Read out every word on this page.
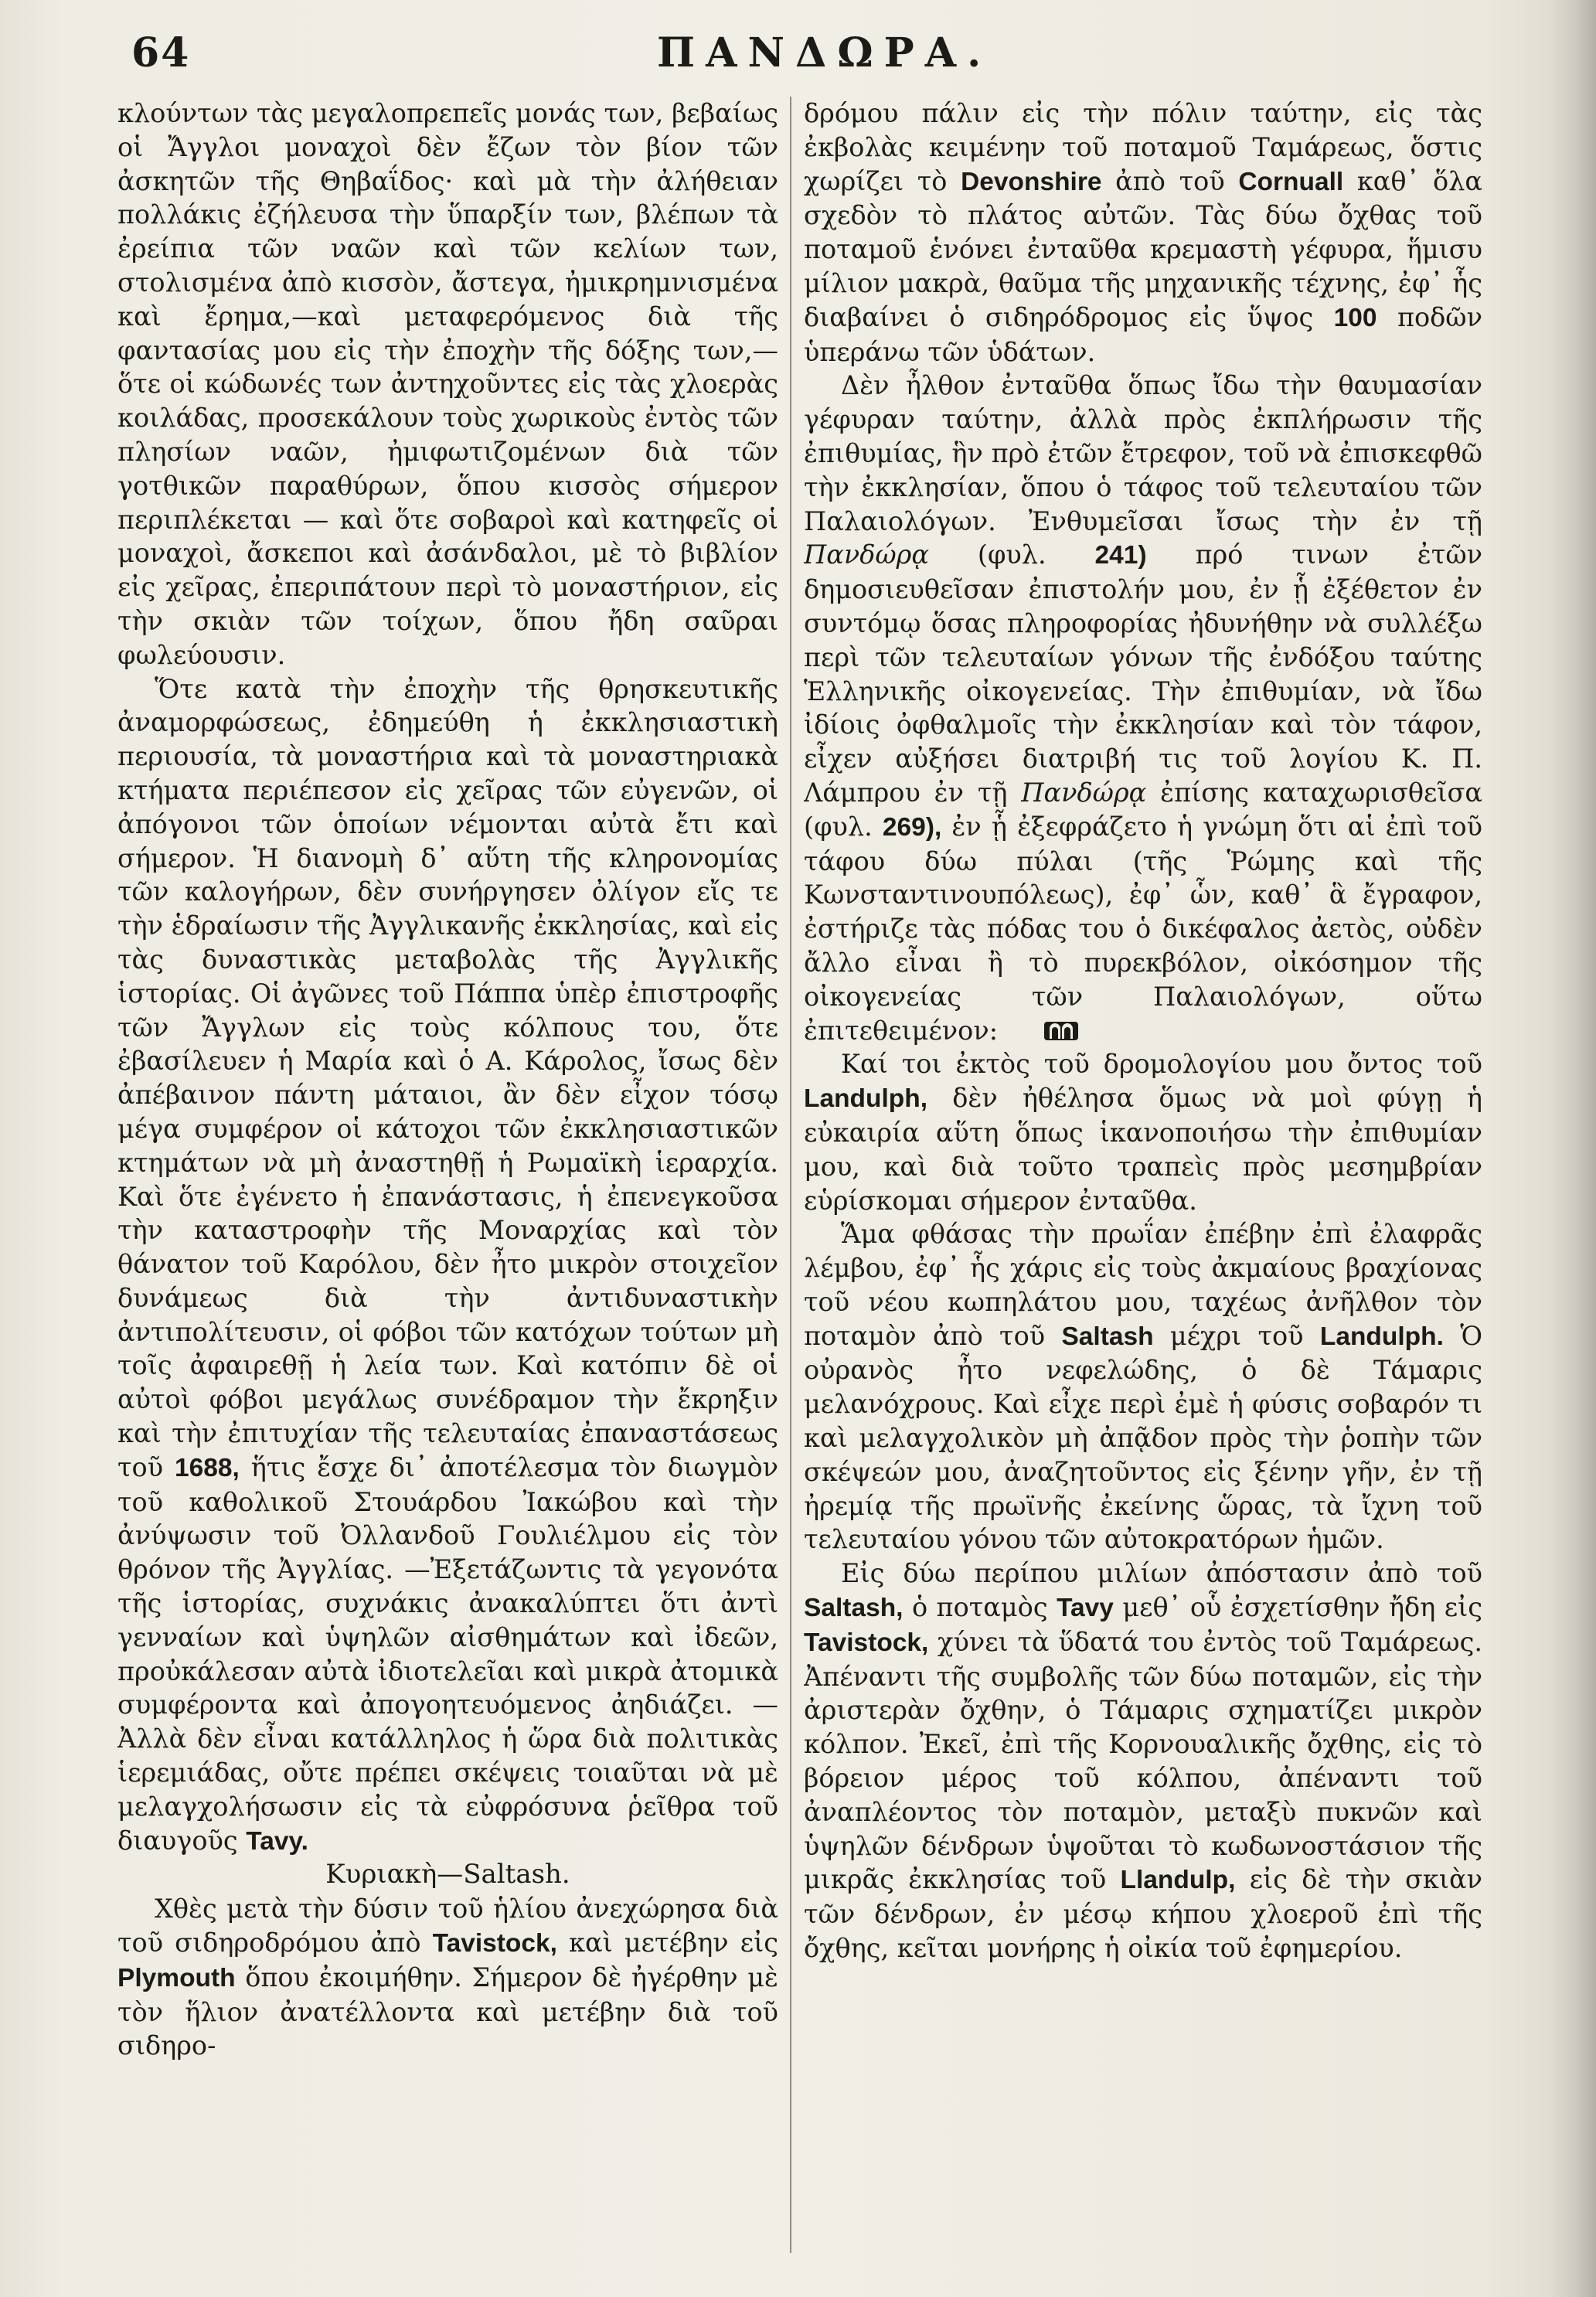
64	ΠΑΝΔΩΡΑ.

κλούντων τὰς μεγαλοπρεπεῖς μονάς των, βεβαίως οἱ Ἄγγλοι μοναχοὶ δὲν ἔζων τὸν βίον τῶν ἀσκητῶν τῆς Θηβαΐδος· καὶ μὰ τὴν ἀλήθειαν πολλάκις ἐζήλευσα τὴν ὕπαρξίν των, βλέπων τὰ ἐρείπια τῶν ναῶν καὶ τῶν κελίων των, στολισμένα ἀπὸ κισσὸν, ἄστεγα, ἠμικρημνισμένα καὶ ἔρημα,—καὶ μεταφερόμενος διὰ τῆς φαντασίας μου εἰς τὴν ἐποχὴν τῆς δόξης των,—ὅτε οἱ κώδωνές των ἀντηχοῦντες εἰς τὰς χλοερὰς κοιλάδας, προσεκάλουν τοὺς χωρικοὺς ἐντὸς τῶν πλησίων ναῶν, ἠμιφωτιζομένων διὰ τῶν γοτθικῶν παραθύρων, ὅπου κισσὸς σήμερον περιπλέκεται — καὶ ὅτε σοβαροὶ καὶ κατηφεῖς οἱ μοναχοὶ, ἄσκεποι καὶ ἀσάνδαλοι, μὲ τὸ βιβλίον εἰς χεῖρας, ἐπεριπάτουν περὶ τὸ μοναστήριον, εἰς τὴν σκιὰν τῶν τοίχων, ὅπου ἤδη σαῦραι φωλεύουσιν.

Ὅτε κατὰ τὴν ἐποχὴν τῆς θρησκευτικῆς ἀναμορφώσεως, ἐδημεύθη ἡ ἐκκλησιαστικὴ περιουσία, τὰ μοναστήρια καὶ τὰ μοναστηριακὰ κτήματα περιέπεσον εἰς χεῖρας τῶν εὐγενῶν, οἱ ἀπόγονοι τῶν ὁποίων νέμονται αὐτὰ ἔτι καὶ σήμερον. Ἡ διανομὴ δ᾽ αὕτη τῆς κληρονομίας τῶν καλογήρων, δὲν συνήργησεν ὀλίγον εἴς τε τὴν ἑδραίωσιν τῆς Ἀγγλικανῆς ἐκκλησίας, καὶ εἰς τὰς δυναστικὰς μεταβολὰς τῆς Ἀγγλικῆς ἱστορίας. Οἱ ἀγῶνες τοῦ Πάππα ὑπὲρ ἐπιστροφῆς τῶν Ἄγγλων εἰς τοὺς κόλπους του, ὅτε ἐβασίλευεν ἡ Μαρία καὶ ὁ Α. Κάρολος, ἴσως δὲν ἀπέβαινον πάντη μάταιοι, ἂν δὲν εἶχον τόσῳ μέγα συμφέρον οἱ κάτοχοι τῶν ἐκκλησιαστικῶν κτημάτων νὰ μὴ ἀναστηθῇ ἡ Ρωμαϊκὴ ἱεραρχία. Καὶ ὅτε ἐγένετο ἡ ἐπανάστασις, ἡ ἐπενεγκοῦσα τὴν καταστροφὴν τῆς Μοναρχίας καὶ τὸν θάνατον τοῦ Καρόλου, δὲν ἦτο μικρὸν στοιχεῖον δυνάμεως διὰ τὴν ἀντιδυναστικὴν ἀντιπολίτευσιν, οἱ φόβοι τῶν κατόχων τούτων μὴ τοῖς ἀφαιρεθῇ ἡ λεία των. Καὶ κατόπιν δὲ οἱ αὐτοὶ φόβοι μεγάλως συνέδραμον τὴν ἔκρηξιν καὶ τὴν ἐπιτυχίαν τῆς τελευταίας ἐπαναστάσεως τοῦ 1688, ἥτις ἔσχε δι᾽ ἀποτέλεσμα τὸν διωγμὸν τοῦ καθολικοῦ Στουάρδου Ἰακώβου καὶ τὴν ἀνύψωσιν τοῦ Ὀλλανδοῦ Γουλιέλμου εἰς τὸν θρόνον τῆς Ἀγγλίας. —Ἐξετάζωντις τὰ γεγονότα τῆς ἱστορίας, συχνάκις ἀνακαλύπτει ὅτι ἀντὶ γενναίων καὶ ὑψηλῶν αἰσθημάτων καὶ ἰδεῶν, προὐκάλεσαν αὐτὰ ἰδιοτελεῖαι καὶ μικρὰ ἀτομικὰ συμφέροντα καὶ ἀπογοητευόμενος ἀηδιάζει. —Ἀλλὰ δὲν εἶναι κατάλληλος ἡ ὥρα διὰ πολιτικὰς ἱερεμιάδας, οὔτε πρέπει σκέψεις τοιαῦται νὰ μὲ μελαγχολήσωσιν εἰς τὰ εὐφρόσυνα ῥεῖθρα τοῦ διαυγοῦς Tavy.

Κυριακὴ—Saltash.

Χθὲς μετὰ τὴν δύσιν τοῦ ἡλίου ἀνεχώρησα διὰ τοῦ σιδηροδρόμου ἀπὸ Tavistock, καὶ μετέβην εἰς Plymouth ὅπου ἐκοιμήθην. Σήμερον δὲ ἠγέρθην μὲ τὸν ἥλιον ἀνατέλλοντα καὶ μετέβην διὰ τοῦ σιδηρο-

δρόμου πάλιν εἰς τὴν πόλιν ταύτην, εἰς τὰς ἐκβολὰς κειμένην τοῦ ποταμοῦ Ταμάρεως, ὅστις χωρίζει τὸ Devonshire ἀπὸ τοῦ Cornuall καθ᾽ ὅλα σχεδὸν τὸ πλάτος αὐτῶν. Τὰς δύω ὄχθας τοῦ ποταμοῦ ἑνόνει ἐνταῦθα κρεμαστὴ γέφυρα, ἥμισυ μίλιον μακρὰ, θαῦμα τῆς μηχανικῆς τέχνης, ἐφ᾽ ἧς διαβαίνει ὁ σιδηρόδρομος εἰς ὕψος 100 ποδῶν ὑπεράνω τῶν ὑδάτων.

Δὲν ἦλθον ἐνταῦθα ὅπως ἴδω τὴν θαυμασίαν γέφυραν ταύτην, ἀλλὰ πρὸς ἐκπλήρωσιν τῆς ἐπιθυμίας, ἣν πρὸ ἐτῶν ἔτρεφον, τοῦ νὰ ἐπισκεφθῶ τὴν ἐκκλησίαν, ὅπου ὁ τάφος τοῦ τελευταίου τῶν Παλαιολόγων. Ἐνθυμεῖσαι ἴσως τὴν ἐν τῇ Πανδώρᾳ (φυλ. 241) πρό τινων ἐτῶν δημοσιευθεῖσαν ἐπιστολήν μου, ἐν ᾗ ἐξέθετον ἐν συντόμῳ ὅσας πληροφορίας ἠδυνήθην νὰ συλλέξω περὶ τῶν τελευταίων γόνων τῆς ἐνδόξου ταύτης Ἑλληνικῆς οἰκογενείας. Τὴν ἐπιθυμίαν, νὰ ἴδω ἰδίοις ὀφθαλμοῖς τὴν ἐκκλησίαν καὶ τὸν τάφον, εἶχεν αὐξήσει διατριβή τις τοῦ λογίου Κ. Π. Λάμπρου ἐν τῇ Πανδώρᾳ ἐπίσης καταχωρισθεῖσα (φυλ. 269), ἐν ᾗ ἐξεφράζετο ἡ γνώμη ὅτι αἱ ἐπὶ τοῦ τάφου δύω πύλαι (τῆς Ῥώμης καὶ τῆς Κωνσταντινουπόλεως), ἐφ᾽ ὧν, καθ᾽ ἃ ἔγραφον, ἐστήριζε τὰς πόδας του ὁ δικέφαλος ἀετὸς, οὐδὲν ἄλλο εἶναι ἢ τὸ πυρεκβόλον, οἰκόσημον τῆς οἰκογενείας τῶν Παλαιολόγων, οὕτω ἐπιτεθειμένον:

Καί τοι ἐκτὸς τοῦ δρομολογίου μου ὄντος τοῦ Landulph, δὲν ἠθέλησα ὅμως νὰ μοὶ φύγῃ ἡ εὐκαιρία αὕτη ὅπως ἱκανοποιήσω τὴν ἐπιθυμίαν μου, καὶ διὰ τοῦτο τραπεὶς πρὸς μεσημβρίαν εὑρίσκομαι σήμερον ἐνταῦθα.

Ἅμα φθάσας τὴν πρωΐαν ἐπέβην ἐπὶ ἐλαφρᾶς λέμβου, ἐφ᾽ ἧς χάρις εἰς τοὺς ἀκμαίους βραχίονας τοῦ νέου κωπηλάτου μου, ταχέως ἀνῆλθον τὸν ποταμὸν ἀπὸ τοῦ Saltash μέχρι τοῦ Landulph. Ὁ οὐρανὸς ἦτο νεφελώδης, ὁ δὲ Τάμαρις μελανόχρους. Καὶ εἶχε περὶ ἐμὲ ἡ φύσις σοβαρόν τι καὶ μελαγχολικὸν μὴ ἀπᾷδον πρὸς τὴν ῥοπὴν τῶν σκέψεών μου, ἀναζητοῦντος εἰς ξένην γῆν, ἐν τῇ ἠρεμίᾳ τῆς πρωϊνῆς ἐκείνης ὥρας, τὰ ἴχνη τοῦ τελευταίου γόνου τῶν αὐτοκρατόρων ἡμῶν.

Εἰς δύω περίπου μιλίων ἀπόστασιν ἀπὸ τοῦ Saltash, ὁ ποταμὸς Tavy μεθ᾽ οὗ ἐσχετίσθην ἤδη εἰς Tavistock, χύνει τὰ ὕδατά του ἐντὸς τοῦ Ταμάρεως. Ἀπέναντι τῆς συμβολῆς τῶν δύω ποταμῶν, εἰς τὴν ἀριστερὰν ὄχθην, ὁ Τάμαρις σχηματίζει μικρὸν κόλπον. Ἐκεῖ, ἐπὶ τῆς Κορνουαλικῆς ὄχθης, εἰς τὸ βόρειον μέρος τοῦ κόλπου, ἀπέναντι τοῦ ἀναπλέοντος τὸν ποταμὸν, μεταξὺ πυκνῶν καὶ ὑψηλῶν δένδρων ὑψοῦται τὸ κωδωνοστάσιον τῆς μικρᾶς ἐκκλησίας τοῦ Llandulp, εἰς δὲ τὴν σκιὰν τῶν δένδρων, ἐν μέσῳ κήπου χλοεροῦ ἐπὶ τῆς ὄχθης, κεῖται μονήρης ἡ οἰκία τοῦ ἐφημερίου.
